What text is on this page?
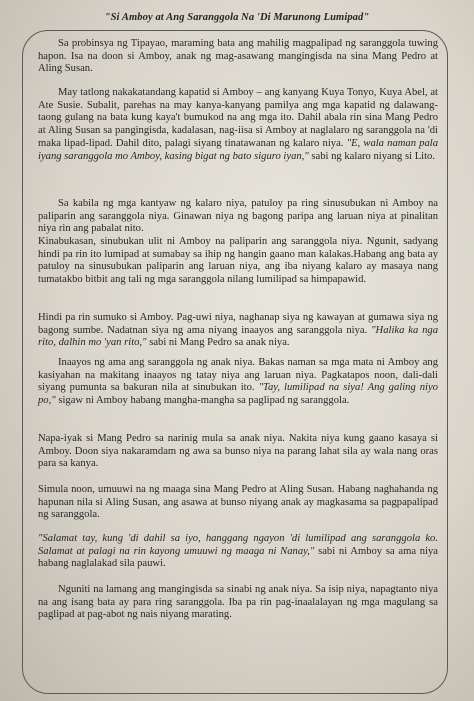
"Si Amboy at Ang Saranggola Na 'Di Marunong Lumipad"

Sa probinsya ng Tipayao, maraming bata ang mahilig magpalipad ng saranggola tuwing hapon. Isa na doon si Amboy, anak ng mag-asawang mangingisda na sina Mang Pedro at Aling Susan.

May tatlong nakakatandang kapatid si Amboy – ang kanyang Kuya Tonyo, Kuya Abel, at Ate Susie. Subalit, parehas na may kanya-kanyang pamilya ang mga kapatid ng dalawang-taong gulang na bata kung kaya't bumukod na ang mga ito. Dahil abala rin sina Mang Pedro at Aling Susan sa pangingisda, kadalasan, nag-iisa si Amboy at naglalaro ng saranggola na 'di maka lipad-lipad. Dahil dito, palagi siyang tinatawanan ng kalaro niya. "E, wala naman pala iyang saranggola mo Amboy, kasing bigat ng bato siguro iyan," sabi ng kalaro niyang si Lito.

Sa kabila ng mga kantyaw ng kalaro niya, patuloy pa ring sinusubukan ni Amboy na paliparin ang saranggola niya. Ginawan niya ng bagong paripa ang laruan niya at pinalitan niya rin ang pabalat nito.

Kinabukasan, sinubukan ulit ni Amboy na paliparin ang saranggola niya. Ngunit, sadyang hindi pa rin ito lumipad at sumabay sa ihip ng hangin gaano man kalakas.Habang ang bata ay patuloy na sinusubukan paliparin ang laruan niya, ang iba niyang kalaro ay masaya nang tumatakbo bitbit ang tali ng mga saranggola nilang lumilipad sa himpapawid.

Hindi pa rin sumuko si Amboy. Pag-uwi niya, naghanap siya ng kawayan at gumawa siya ng bagong sumbe. Nadatnan siya ng ama niyang inaayos ang saranggola niya. "Halika ka nga rito, dalhin mo 'yan rito," sabi ni Mang Pedro sa anak niya.
Inaayos ng ama ang saranggola ng anak niya. Bakas naman sa mga mata ni Amboy ang kasiyahan na makitang inaayos ng tatay niya ang laruan niya. Pagkatapos noon, dali-dali siyang pumunta sa bakuran nila at sinubukan ito. "Tay, lumilipad na siya! Ang galing niyo po," sigaw ni Amboy habang mangha-mangha sa paglipad ng saranggola.

Napa-iyak si Mang Pedro sa narinig mula sa anak niya. Nakita niya kung gaano kasaya si Amboy. Doon siya nakaramdam ng awa sa bunso niya na parang lahat sila ay wala nang oras para sa kanya.

Simula noon, umuuwi na ng maaga sina Mang Pedro at Aling Susan. Habang naghahanda ng hapunan nila si Aling Susan, ang asawa at bunso niyang anak ay magkasama sa pagpapalipad ng saranggola.

"Salamat tay, kung 'di dahil sa iyo, hanggang ngayon 'di lumilipad ang saranggola ko. Salamat at palagi na rin kayong umuuwi ng maaga ni Nanay," sabi ni Amboy sa ama niya habang naglalakad sila pauwi.

Nguniti na lamang ang mangingisda sa sinabi ng anak niya. Sa isip niya, napagtanto niya na ang isang bata ay para ring saranggola. Iba pa rin pag-inaalalayan ng mga magulang sa paglipad at pag-abot ng nais niyang marating.
